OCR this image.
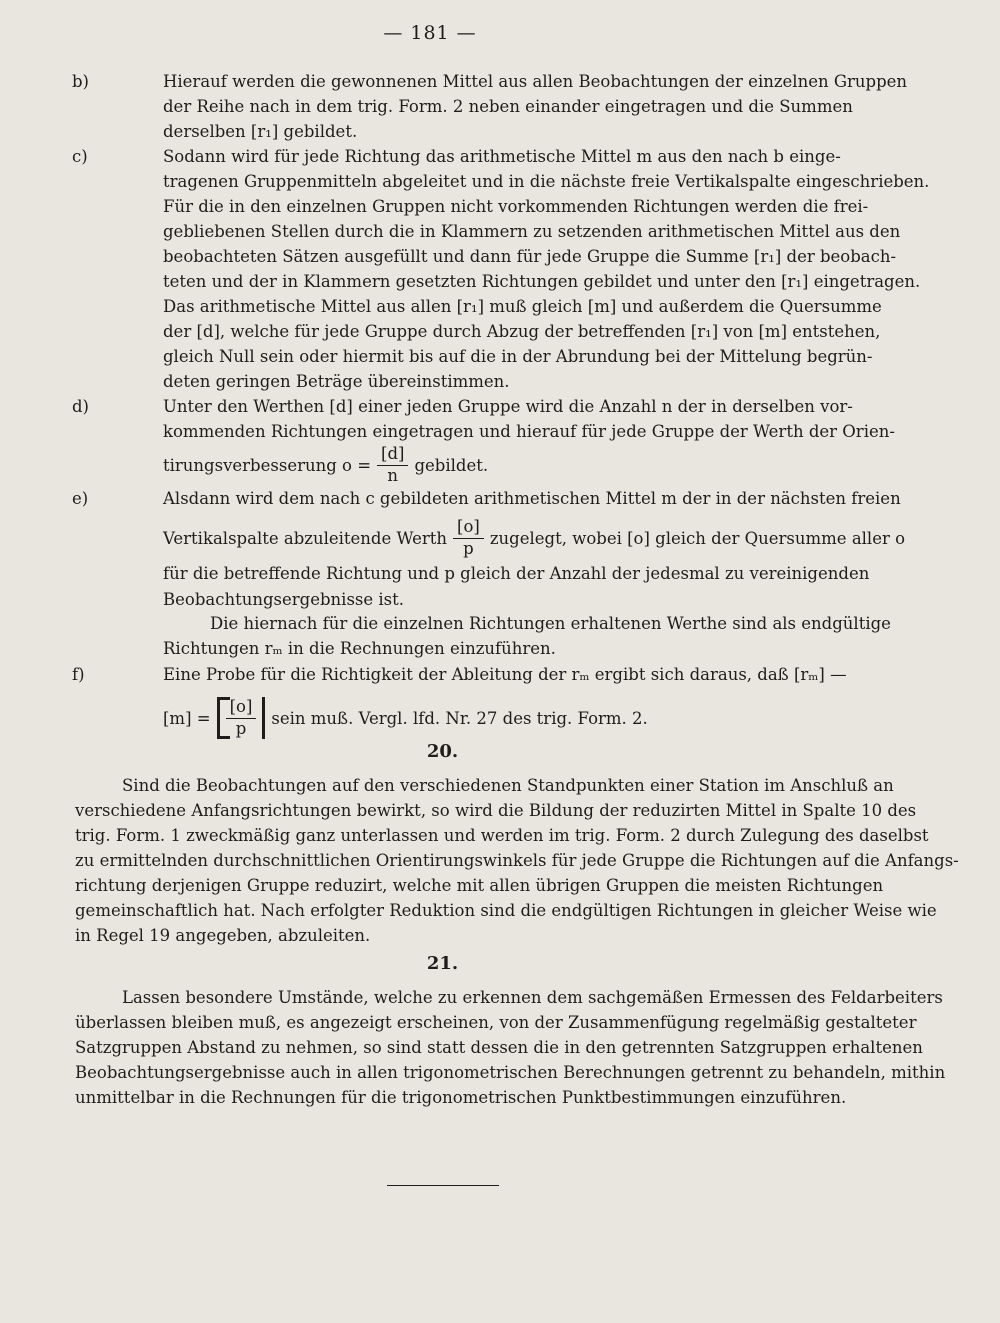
— 181 —
b)	Hierauf werden die gewonnenen Mittel aus allen Beobachtungen der einzelnen Gruppen
der Reihe nach in dem trig. Form. 2 neben einander eingetragen und die Summen
derselben [r₁] gebildet.
c)	Sodann wird für jede Richtung das arithmetische Mittel m aus den nach b einge-
tragenen Gruppenmitteln abgeleitet und in die nächste freie Vertikalspalte eingeschrieben.
Für die in den einzelnen Gruppen nicht vorkommenden Richtungen werden die frei-
gebliebenen Stellen durch die in Klammern zu setzenden arithmetischen Mittel aus den
beobachteten Sätzen ausgefüllt und dann für jede Gruppe die Summe [r₁] der beobach-
teten und der in Klammern gesetzten Richtungen gebildet und unter den [r₁] eingetragen.
Das arithmetische Mittel aus allen [r₁] muß gleich [m] und außerdem die Quersumme
der [d], welche für jede Gruppe durch Abzug der betreffenden [r₁] von [m] entstehen,
gleich Null sein oder hiermit bis auf die in der Abrundung bei der Mittelung begrün-
deten geringen Beträge übereinstimmen.
d)	Unter den Werthen [d] einer jeden Gruppe wird die Anzahl n der in derselben vor-
kommenden Richtungen eingetragen und hierauf für jede Gruppe der Werth der Orien-
tirungsverbesserung $o = \frac{[d]}{n}$ gebildet.
e)	Alsdann wird dem nach c gebildeten arithmetischen Mittel m der in der nächsten freien
Vertikalspalte abzuleitende Werth $\frac{[o]}{p}$ zugelegt, wobei [o] gleich der Quersumme aller o
für die betreffende Richtung und p gleich der Anzahl der jedesmal zu vereinigenden
Beobachtungsergebnisse ist.
Die hiernach für die einzelnen Richtungen erhaltenen Werthe sind als endgültige
Richtungen rₘ in die Rechnungen einzuführen.
f)	Eine Probe für die Richtigkeit der Ableitung der rₘ ergibt sich daraus, daß [rₘ] —
$[m] = \frac{[o]}{p}$ sein muß. Vergl. lfd. Nr. 27 des trig. Form. 2.
20.
Sind die Beobachtungen auf den verschiedenen Standpunkten einer Station im Anschluß an
verschiedene Anfangsrichtungen bewirkt, so wird die Bildung der reduzirten Mittel in Spalte 10 des
trig. Form. 1 zweckmäßig ganz unterlassen und werden im trig. Form. 2 durch Zulegung des daselbst
zu ermittelnden durchschnittlichen Orientirungswinkels für jede Gruppe die Richtungen auf die Anfangs-
richtung derjenigen Gruppe reduzirt, welche mit allen übrigen Gruppen die meisten Richtungen
gemeinschaftlich hat. Nach erfolgter Reduktion sind die endgültigen Richtungen in gleicher Weise wie
in Regel 19 angegeben, abzuleiten.
21.
Lassen besondere Umstände, welche zu erkennen dem sachgemäßen Ermessen des Feldarbeiters
überlassen bleiben muß, es angezeigt erscheinen, von der Zusammenfügung regelmäßig gestalteter
Satzgruppen Abstand zu nehmen, so sind statt dessen die in den getrennten Satzgruppen erhaltenen
Beobachtungsergebnisse auch in allen trigonometrischen Berechnungen getrennt zu behandeln, mithin
unmittelbar in die Rechnungen für die trigonometrischen Punktbestimmungen einzuführen.
